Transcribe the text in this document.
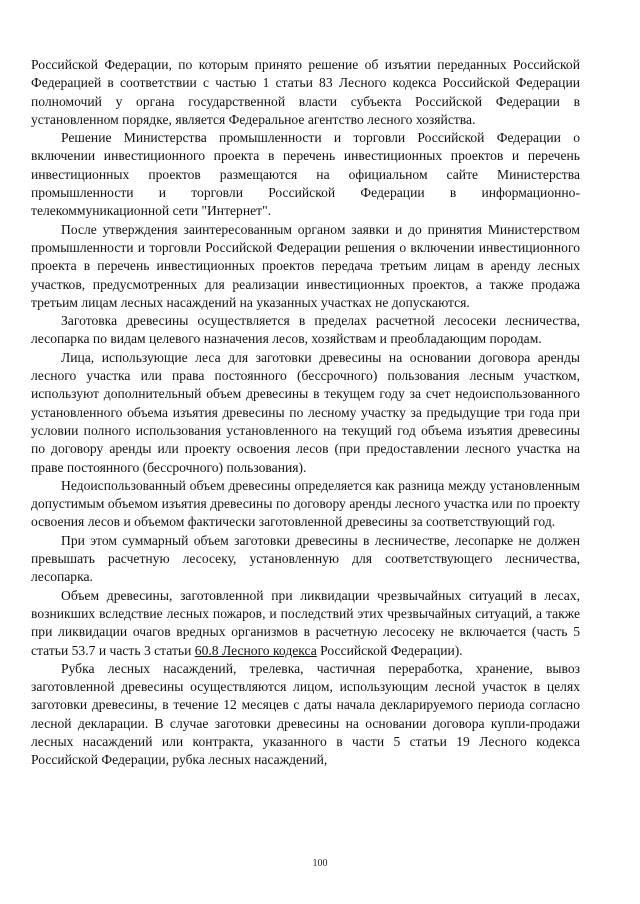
Российской Федерации, по которым принято решение об изъятии переданных Российской Федерацией в соответствии с частью 1 статьи 83 Лесного кодекса Российской Федерации полномочий у органа государственной власти субъекта Российской Федерации в установленном порядке, является Федеральное агентство лесного хозяйства.

Решение Министерства промышленности и торговли Российской Федерации о включении инвестиционного проекта в перечень инвестиционных проектов и перечень инвестиционных проектов размещаются на официальном сайте Министерства промышленности и торговли Российской Федерации в информационно-телекоммуникационной сети "Интернет".

После утверждения заинтересованным органом заявки и до принятия Министерством промышленности и торговли Российской Федерации решения о включении инвестиционного проекта в перечень инвестиционных проектов передача третьим лицам в аренду лесных участков, предусмотренных для реализации инвестиционных проектов, а также продажа третьим лицам лесных насаждений на указанных участках не допускаются.

Заготовка древесины осуществляется в пределах расчетной лесосеки лесничества, лесопарка по видам целевого назначения лесов, хозяйствам и преобладающим породам.

Лица, использующие леса для заготовки древесины на основании договора аренды лесного участка или права постоянного (бессрочного) пользования лесным участком, используют дополнительный объем древесины в текущем году за счет недоиспользованного установленного объема изъятия древесины по лесному участку за предыдущие три года при условии полного использования установленного на текущий год объема изъятия древесины по договору аренды или проекту освоения лесов (при предоставлении лесного участка на праве постоянного (бессрочного) пользования).

Недоиспользованный объем древесины определяется как разница между установленным допустимым объемом изъятия древесины по договору аренды лесного участка или по проекту освоения лесов и объемом фактически заготовленной древесины за соответствующий год.

При этом суммарный объем заготовки древесины в лесничестве, лесопарке не должен превышать расчетную лесосеку, установленную для соответствующего лесничества, лесопарка.

Объем древесины, заготовленной при ликвидации чрезвычайных ситуаций в лесах, возникших вследствие лесных пожаров, и последствий этих чрезвычайных ситуаций, а также при ликвидации очагов вредных организмов в расчетную лесосеку не включается (часть 5 статьи 53.7 и часть 3 статьи 60.8 Лесного кодекса Российской Федерации).

Рубка лесных насаждений, трелевка, частичная переработка, хранение, вывоз заготовленной древесины осуществляются лицом, использующим лесной участок в целях заготовки древесины, в течение 12 месяцев с даты начала декларируемого периода согласно лесной декларации. В случае заготовки древесины на основании договора купли-продажи лесных насаждений или контракта, указанного в части 5 статьи 19 Лесного кодекса Российской Федерации, рубка лесных насаждений,

100
